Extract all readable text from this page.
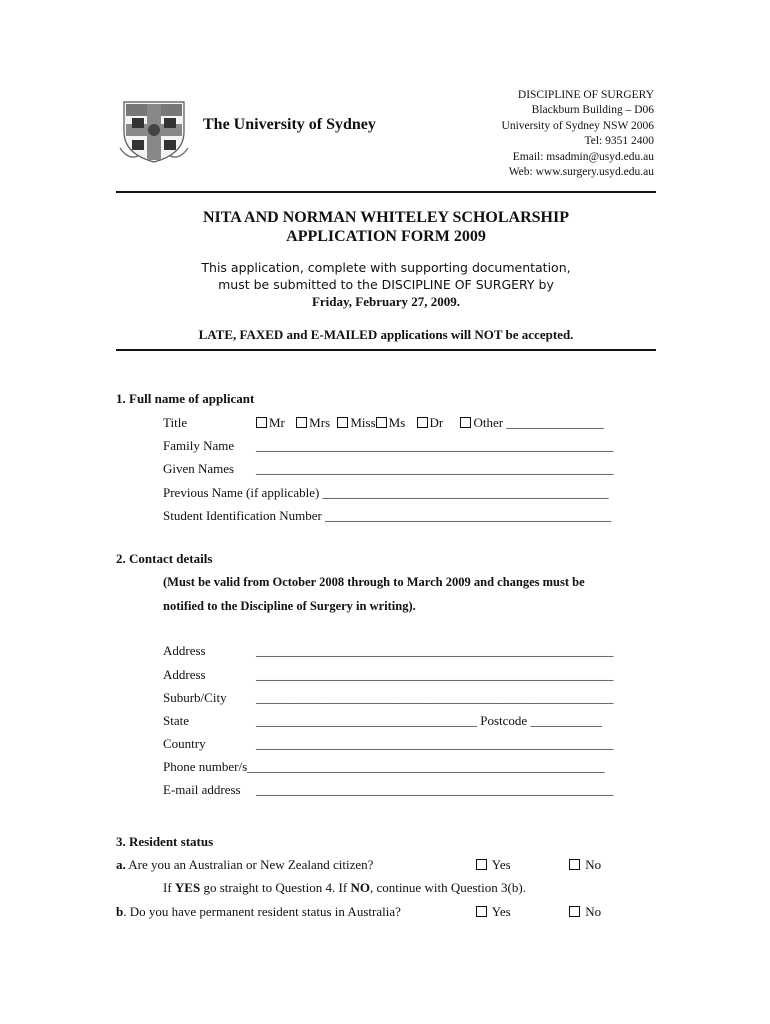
The University of Sydney
DISCIPLINE OF SURGERY
Blackburn Building – D06
University of Sydney NSW 2006
Tel: 9351 2400
Email: msadmin@usyd.edu.au
Web: www.surgery.usyd.edu.au
NITA AND NORMAN WHITELEY SCHOLARSHIP
APPLICATION FORM 2009
This application, complete with supporting documentation,
must be submitted to the DISCIPLINE OF SURGERY by
Friday, February 27, 2009.
LATE, FAXED and E-MAILED applications will NOT be accepted.
1. Full name of applicant
Title	Mr Mrs Miss Ms Dr Other _______________
Family Name _______________________________________________________
Given Names _______________________________________________________
Previous Name (if applicable) ____________________________________________
Student Identification Number ____________________________________________
2. Contact details
(Must be valid from October 2008 through to March 2009 and changes must be
notified to the Discipline of Surgery in writing).
Address	_______________________________________________________
Address	_______________________________________________________
Suburb/City _______________________________________________________
State	__________________________________ Postcode ___________
Country	_______________________________________________________
Phone number/s_______________________________________________________
E-mail address _______________________________________________________
3. Resident status
a. Are you an Australian or New Zealand citizen?	Yes	No
If YES go straight to Question 4. If NO, continue with Question 3(b).
b. Do you have permanent resident status in Australia?	Yes	No
